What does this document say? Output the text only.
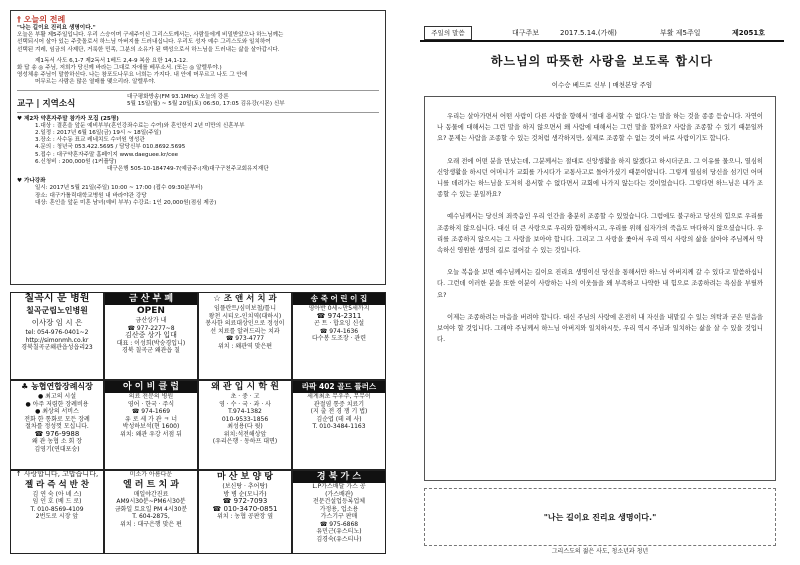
† 오늘의 전례
"나는 길이요 진리요 생명이다."
오늘은 부활 제5주일입니다. 우리 스승이며 구세주이신 그리스도께서는, 사람들에게 비밀받았으나 하느님께는
선택되시어 살아 있는 주춧돌로서 하느님 아버지를 드러내십니다. 우리도 성자 예수 그리스도와 일치하여
선택된 겨레, 임금의 사제단, 거룩한 민족, 그분의 소유가 된 백성으로서 하느님을 드러내는 삶을 살아갑시다.
제1독서 사도 6,1-7 제2독서 1베드 2,4-9 복음 요한 14,1-12.
화 답 송 ◎ 주님, 저희가 당신께 바라는 그대로 자애를 베푸소서. (또는 ◎ 알렐루야.)
영성체송 주님이 말씀하신다. 나는 참포도나무요 너희는 가지다. 내 안에 머무르고 나도 그 안에
머무르는 사람은 많은 열매를 맺으리라. 알렐루야.
교구 | 지역소식
대구평화방송(FM 93.1MHz) 오늘의 강론
5월 15일(월) ~ 5월 20일(토) 06:50, 17:05 김유강(시몬) 신부
♥ 제2차 약혼자주말 참가자 모집 (25명)
1.대상 : 결혼을 앞둔 예비부부(혼인강좌수료는 수여)와 혼인한지 2년 미만의 신혼부부
2.일정 : 2017년 6월 16일(금) 19시 ~ 18일(주일)
3.장소 : 사수동 표교 레네치도 수녀원 영성관
4.문의 : 청년국 053.422.5695 / 담당신부 010.8692.5695
5.접수 : 대구약혼자주말 홈페이지 www.daeguee.kr/cee
6.신청비 : 200,000원 (1커플당)
대구은행 505-10-184749-7(예금주:(재)대구구천주교회유지재단
♥ 가나강좌
일시: 2017년 5월 21일(주일) 10:00 ~ 17:00 (접수 09:30분부터)
장소: 대구가톨릭대학교병원 내 바라야관 강당
대상: 혼인을 앞둔 미혼 남녀(예비 부부) 수강료: 1인 20,000원(점심 제공)
칠곡시 문 병원
칠곡군립노인병원
이사장 임 시 은
tel: 054-976-0401~2
http://simonmh.co.kr
경북칠곡군왜관읍성읍리23
금 산 부 폐
OPEN
금산상가 내
☎ 977-2277~8
김산중 상가 입대
대표 : 이성희(박숭경입니)
경북 칠곡군 왜관읍 칠
☆ 조 앤 서 치 과
임플란트/심미보철/틀니
왕천 시티오-인치역(대하시)
봉사한 의료대상인으로 정성이
선 치료를 알려드리는 치과
☎ 973-4777
위치 : 왜관역 맞은편
송 죽 어 린 이 집
영아반 0세~만5세까지
☎ 974-2311
곤 트 · 합요잉 신설
☎ 974-1636
다수봉 도조장 · 관련
♣ 농협연합장례식장
● 최고의 시설
● 아주 저렴한 장례비용
● 최상의 서비스
전화 한 통화로 모든 장례
절차를 정성껏 모십니다.
☎ 976-9988
왜 관 농협 소 회 장
김영기(연대포숭)
아 이 비 클 럽
의료 전문의 병원
영어 · 한국 · 주식
☎ 974-1669
유 로 세 가 관 ㅋ 너
박성하보석(현 1600)
위치: 왜관 우강 서점 뒤
왜 관 입 시 학 원
초 · 중 · 고
영 · 수 · 국 · 과 · 사
T.974-1382
010-9533-1856
최성용(다 윗)
위치:석전해상앞
(우리은행 · 동하프 대면)
라팍 402 골드 플러스
세계최초 무우주, 무무이
관절염 통증 치료기
(지 출 전 경 쟁 기 법)
김순엽 (데 레 사)
T. 010-3484-1163
↑ 사랑합니다, 고맙습니다,
젤 라 즉 석 반 찬
김 연 숙 (아 녜 스)
임 인 호 (베 드 로)
T. 010-8569-4109
2번도로 시장 앞
미소가 아름다운
엘 러 트 치 과
매일야간진료
AM9시30분~PM6시30분
금화일 토요일 PM 4시30분
T. 604-2875,
위치 : 대구은행 맞은 편
마 산 보 양 탕
(보신탕 · 추어탕)
방 병 순(모니카)
☎ 972-7093
☎ 010-3470-0851
위치 : 농협 공판장 옆
경 북 가 스
L.P가스배달 가스 공
(가스배관)
전문건설업등록업체
가정용, 업소용
가스기구 판매
☎ 975-6868
유민근(유스티노)
김경숙(유스티나)
주일의 말씀	대구주보	2017.5.14.(가해)	부활 제5주일	제2051호
하느님의 따뜻한 사랑을 보도록 합시다
이수승 베드로 신부 | 매천본당 주임

우리는 살아가면서 어떤 사람이 다른 사람을 향해서 '절대 용서할 수 없다.'는 말을 하는 것을 종종 듣습니다. 자연이나 동물에 대해서는 그런 말을 하지 않으면서 왜 사람에 대해서는 그런 말을 할까요? 사람을 조종할 수 있기 때문일까요? 문제는 사람을 조종할 수 있는 것처럼 생각하지만, 실제로 조종할 수 없는 것이 바로 사람이기도 합니다.

오래 전에 어떤 분을 만났는데, 그분께서는 절대로 신앙생활을 하지 않겠다고 하시더군요. 그 이유를 물으니, 열심히 신앙생활을 하시던 어머니가 교회를 가시다가 교통사고로 돌아가셨기 때문이랍니다. 그렇게 열심히 당신을 섬기던 어머니를 데려가는 하느님을 도저히 용서할 수 없다면서 교회에 나가지 않는다는 것이었습니다. 그렇다면 하느님은 내가 조종할 수 있는 분일까요?

예수님께서는 당신의 죄죽음인 우리 인간을 충분히 조종할 수 있었습니다. 그럼에도 불구하고 당신의 힘으로 우리를 조종하지 않으십니다. 대신 더 큰 사랑으로 우리와 함께하시고, 우리를 위해 십자가의 죽음도 마다하지 않으셨습니다. 우리를 조종하지 않으시는 그 사랑을 보아야 합니다. 그리고 그 사랑을 좇아서 우리 역시 사랑의 삶을 살아야 주님께서 약속하신 영원한 생명의 길로 걸어갈 수 있는 것입니다.

오늘 복음을 보면 예수님께서는 길이요 진리요 생명이신 당신을 통해서만 하느님 아버지께 갈 수 있다고 말씀하십니다. 그런데 이러한 분을 또한 이분이 사랑하는 나의 이웃들을 왜 부족하고 나약한 내 힘으로 조종하려는 욕심을 부릴까요?

이제는 조종하려는 마음을 버려야 합니다. 대신 주님의 사랑에 온전히 내 자신을 내맡길 수 있는 의탁과 굳은 믿음을 보여야 할 것입니다. 그래야 주님께서 하느님 아버지와 일치하시듯, 우리 역시 주님과 일치하는 삶을 살 수 있을 것입니다.

"나는 길이요 진리요 생명이다."
그리스도의 젊은 사도, 청소년과 청년
